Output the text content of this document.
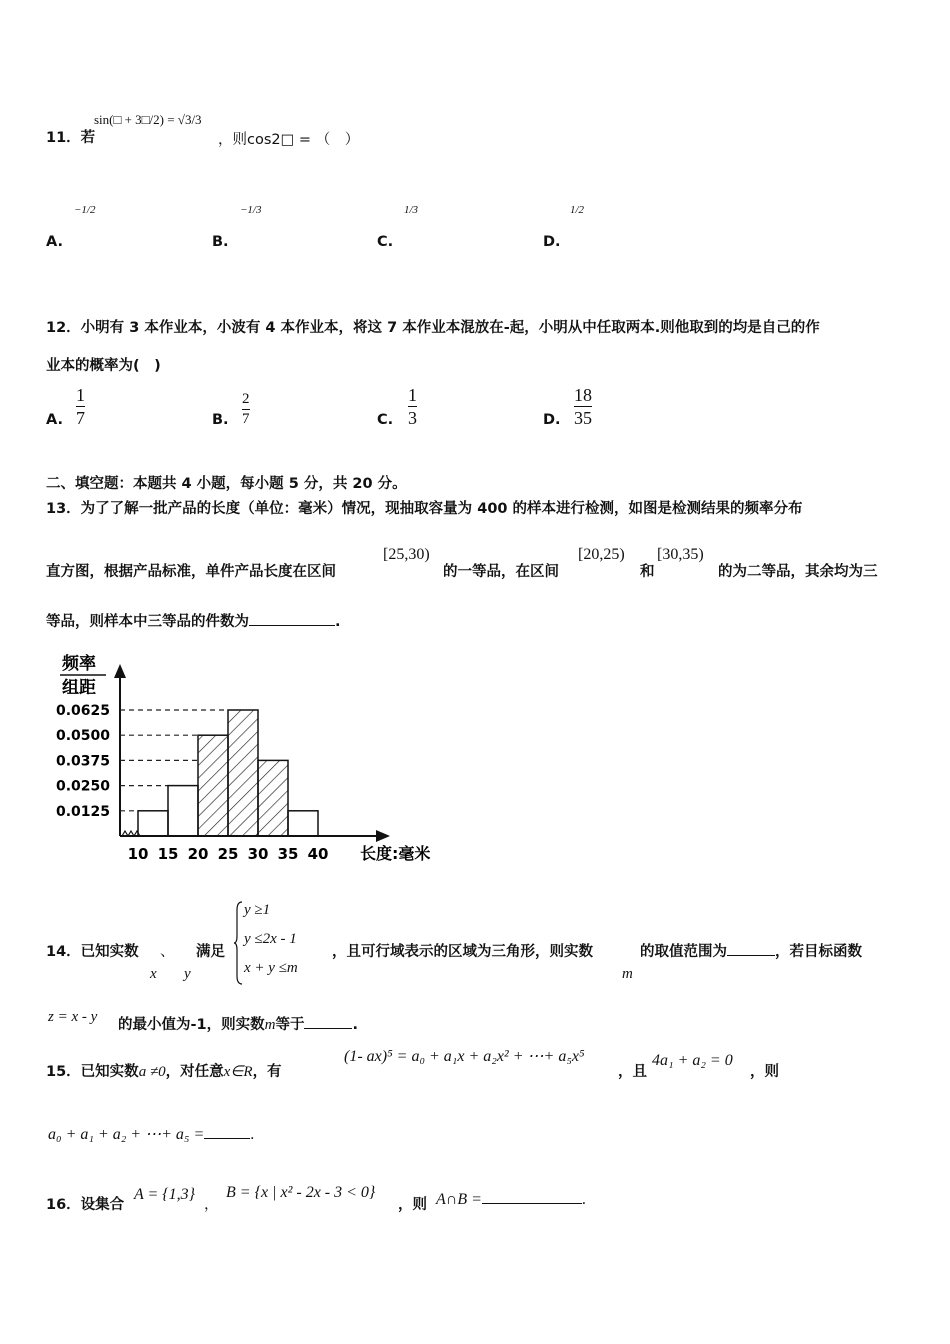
11．若
sin(□ + 3□/2) = √3/3
，则cos2□ = （　）
A.
−1/2
B.
−1/3
C.
1/3
D.
1/2
12．小明有 3 本作业本，小波有 4 本作业本，将这 7 本作业本混放在-起，小明从中任取两本.则他取到的均是自己的作
业本的概率为(　)
A.
1
7	B.
2
7	C.
1
3	D.
18
35
二、填空题：本题共 4 小题，每小题 5 分，共 20 分。
13．为了了解一批产品的长度（单位：毫米）情况，现抽取容量为 400 的样本进行检测，如图是检测结果的频率分布
直方图，根据产品标准，单件产品长度在区间
[25,30)
的一等品，在区间
[20,25)
和
[30,35)
的为二等品，其余均为三
等品，则样本中三等品的件数为	.
频率
组距
0.0625
0.0500
0.0375
0.0250
0.0125
10 15 20 25 30 35 40 长度:毫米
14．已知实数 、
x y
满足
y ≥1
y ≤2x - 1
x + y ≤m
，且可行域表示的区域为三角形，则实数
m
的取值范围为	，若目标函数
z = x - y 的最小值为-1，则实数m等于	.
15．已知实数a ≠0，对任意x∈R，有
(1- ax)⁵ = a₀ + a₁x + a₂x² + ⋯+ a₅x⁵
，且
4a₁ + a₂ = 0
，则
a₀ + a₁ + a₂ + ⋯+ a₅ =	.
16．设集合
A = {1,3}
，
B = {x | x² - 2x - 3 < 0}
，则 A∩B =	.
